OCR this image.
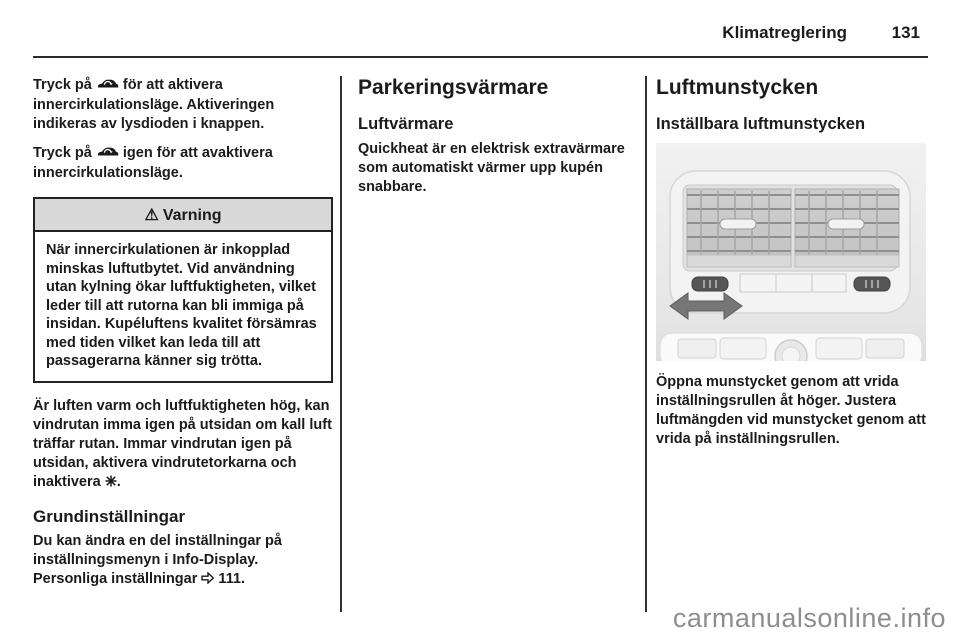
Klimatreglering	131

Tryck på  för att aktivera innercirkulationsläge. Aktiveringen indikeras av lysdioden i knappen.

Tryck på  igen för att avaktivera innercirkulationsläge.

⚠ Varning
När innercirkulationen är inkopplad minskas luftutbytet. Vid användning utan kylning ökar luftfuktigheten, vilket leder till att rutorna kan bli immiga på insidan. Kupéluftens kvalitet försämras med tiden vilket kan leda till att passagerarna känner sig trötta.

Är luften varm och luftfuktigheten hög, kan vindrutan imma igen på utsidan om kall luft träffar rutan. Immar vindrutan igen på utsidan, aktivera vindrutetorkarna och inaktivera .

Grundinställningar

Du kan ändra en del inställningar på inställningsmenyn i Info-Display. Personliga inställningar  111.

Parkeringsvärmare
Luftvärmare

Quickheat är en elektrisk extravärmare som automatiskt värmer upp kupén snabbare.

Luftmunstycken
Inställbara luftmunstycken

Öppna munstycket genom att vrida inställningsrullen åt höger. Justera luftmängden vid munstycket genom att vrida på inställningsrullen.

carmanualsonline.info
